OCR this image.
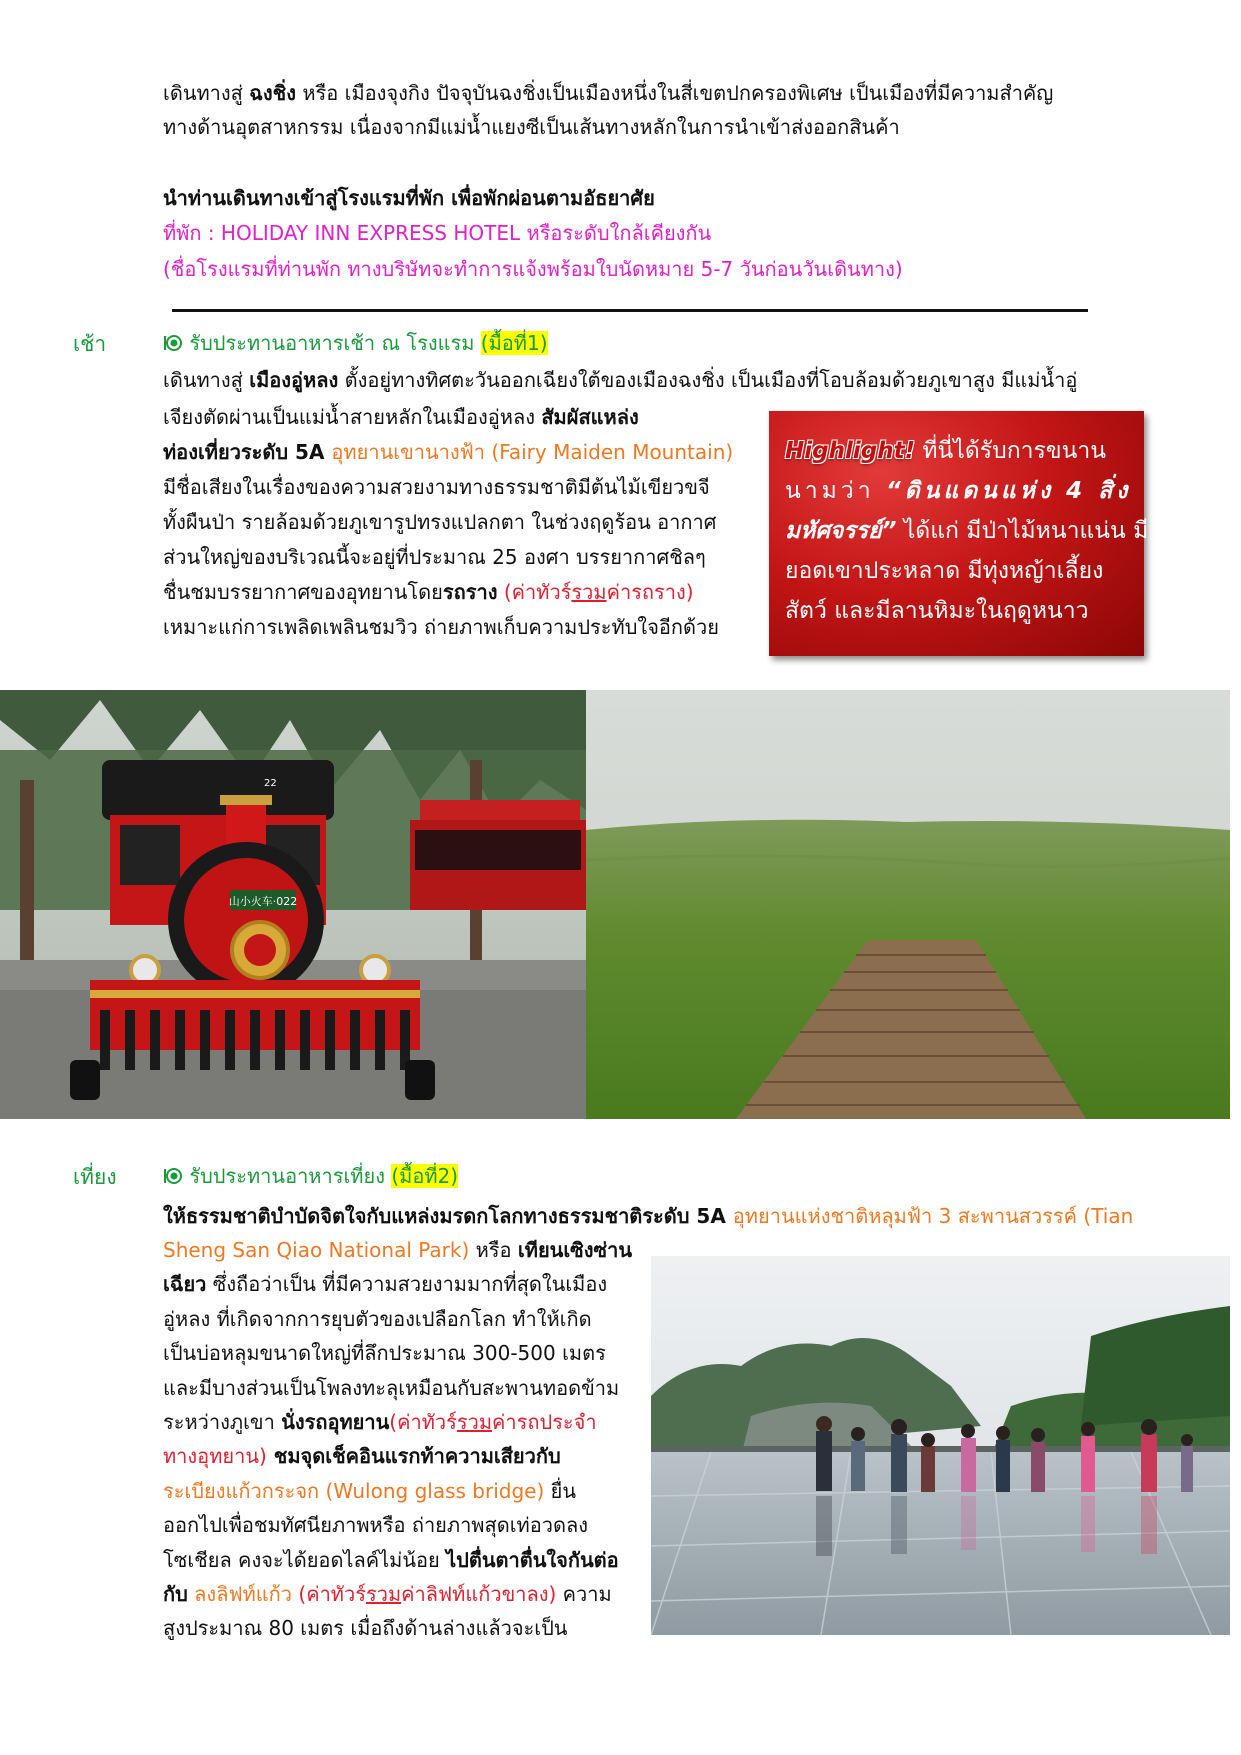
เดินทางสู่ ฉงชิ่ง หรือ เมืองจุงกิง ปัจจุบันฉงชิ่งเป็นเมืองหนึ่งในสี่เขตปกครองพิเศษ เป็นเมืองที่มีความสำคัญ
ทางด้านอุตสาหกรรม เนื่องจากมีแม่น้ำแยงซีเป็นเส้นทางหลักในการนำเข้าส่งออกสินค้า
นำท่านเดินทางเข้าสู่โรงแรมที่พัก เพื่อพักผ่อนตามอัธยาศัย
ที่พัก : HOLIDAY INN EXPRESS HOTEL หรือระดับใกล้เคียงกัน
(ชื่อโรงแรมที่ท่านพัก ทางบริษัทจะทำการแจ้งพร้อมใบนัดหมาย 5-7 วันก่อนวันเดินทาง)
เช้า	รับประทานอาหารเช้า ณ โรงแรม (มื้อที่1)
เดินทางสู่ เมืองอู่หลง ตั้งอยู่ทางทิศตะวันออกเฉียงใต้ของเมืองฉงชิ่ง เป็นเมืองที่โอบล้อมด้วยภูเขาสูง มีแม่น้ำอู่
เจียงตัดผ่านเป็นแม่น้ำสายหลักในเมืองอู่หลง สัมผัสแหล่ง
ท่องเที่ยวระดับ 5A อุทยานเขานางฟ้า (Fairy Maiden Mountain)
มีชื่อเสียงในเรื่องของความสวยงามทางธรรมชาติมีต้นไม้เขียวขจี
ทั้งผืนป่า รายล้อมด้วยภูเขารูปทรงแปลกตา ในช่วงฤดูร้อน อากาศ
ส่วนใหญ่ของบริเวณนี้จะอยู่ที่ประมาณ 25 องศา บรรยากาศชิลๆ
ชื่นชมบรรยากาศของอุทยานโดยรถราง (ค่าทัวร์รวมค่ารถราง)
เหมาะแก่การเพลิดเพลินชมวิว ถ่ายภาพเก็บความประทับใจอีกด้วย
Highlight! ที่นี่ได้รับการขนาน
นามว่า “ดินแดนแห่ง 4 สิ่ง
มหัศจรรย์” ได้แก่ มีป่าไม้หนาแน่น มี
ยอดเขาประหลาด มีทุ่งหญ้าเลี้ยง
สัตว์ และมีลานหิมะในฤดูหนาว
山小火车·022
22
เที่ยง	รับประทานอาหารเที่ยง (มื้อที่2)
ให้ธรรมชาติบำบัดจิตใจกับแหล่งมรดกโลกทางธรรมชาติระดับ 5A อุทยานแห่งชาติหลุมฟ้า 3 สะพานสวรรค์ (Tian
Sheng San Qiao National Park) หรือ เทียนเซิงซ่าน
เฉียว ซึ่งถือว่าเป็น ที่มีความสวยงามมากที่สุดในเมือง
อู่หลง ที่เกิดจากการยุบตัวของเปลือกโลก ทำให้เกิด
เป็นบ่อหลุมขนาดใหญ่ที่ลึกประมาณ 300-500 เมตร
และมีบางส่วนเป็นโพลงทะลุเหมือนกับสะพานทอดข้าม
ระหว่างภูเขา นั่งรถอุทยาน(ค่าทัวร์รวมค่ารถประจำ
ทางอุทยาน) ชมจุดเช็คอินแรกท้าความเสียวกับ
ระเบียงแก้วกระจก (Wulong glass bridge) ยื่น
ออกไปเพื่อชมทัศนียภาพหรือ ถ่ายภาพสุดเท่อวดลง
โซเชียล คงจะได้ยอดไลค์ไม่น้อย ไปตื่นตาตื่นใจกันต่อ
กับ ลงลิฟท์แก้ว (ค่าทัวร์รวมค่าลิฟท์แก้วขาลง) ความ
สูงประมาณ 80 เมตร เมื่อถึงด้านล่างแล้วจะเป็น
